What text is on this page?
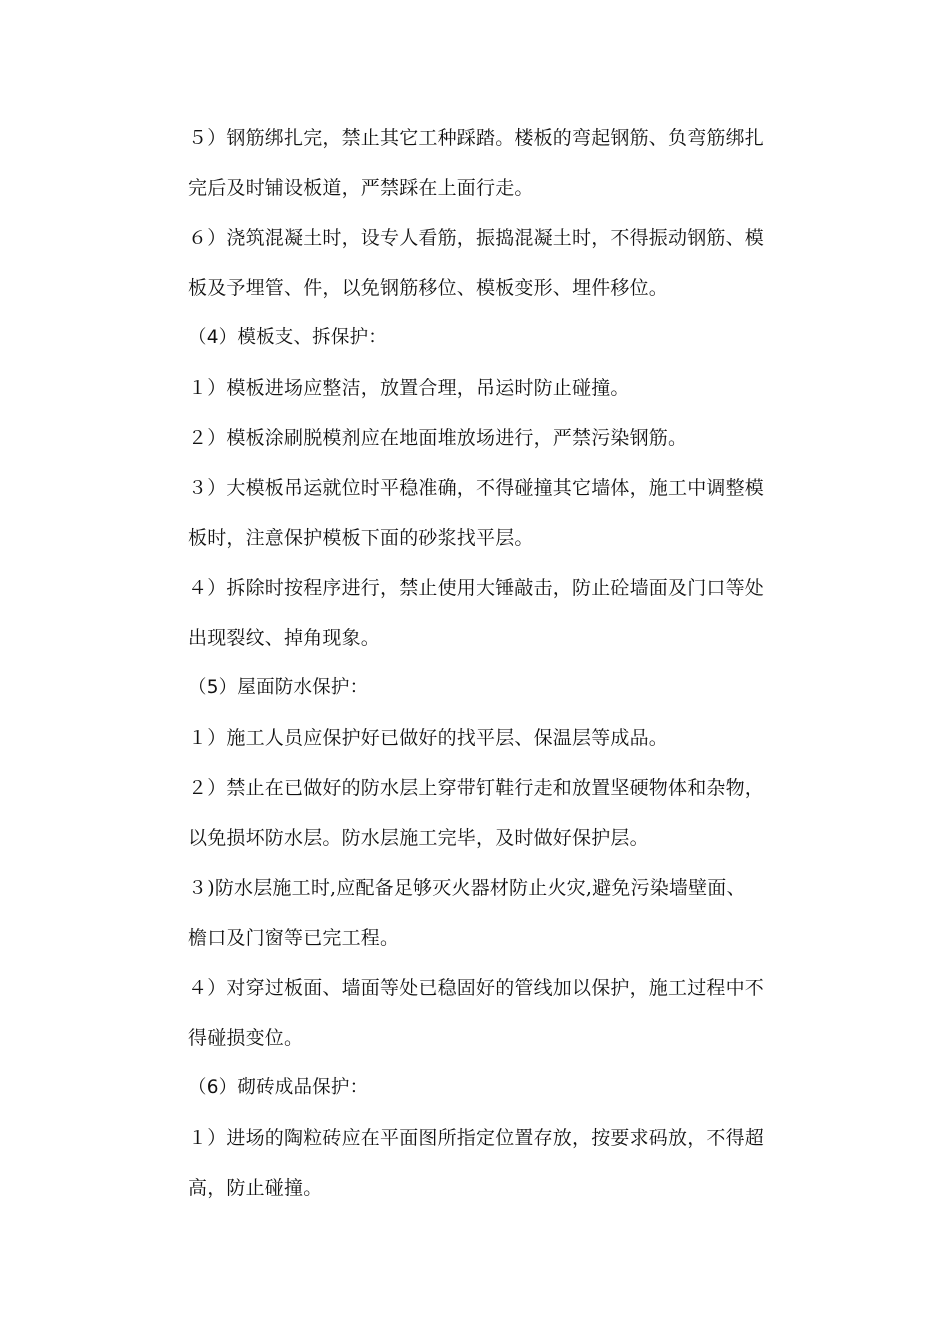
５）钢筋绑扎完，禁止其它工种踩踏。楼板的弯起钢筋、负弯筋绑扎

完后及时铺设板道，严禁踩在上面行走。

６）浇筑混凝土时，设专人看筋，振捣混凝土时，不得振动钢筋、模

板及予埋管、件，以免钢筋移位、模板变形、埋件移位。

（4）模板支、拆保护：

１）模板进场应整洁，放置合理，吊运时防止碰撞。

２）模板涂刷脱模剂应在地面堆放场进行，严禁污染钢筋。

３）大模板吊运就位时平稳准确，不得碰撞其它墙体，施工中调整模

板时，注意保护模板下面的砂浆找平层。

４）拆除时按程序进行，禁止使用大锤敲击，防止砼墙面及门口等处

出现裂纹、掉角现象。

（5）屋面防水保护：

１）施工人员应保护好已做好的找平层、保温层等成品。

２）禁止在已做好的防水层上穿带钉鞋行走和放置坚硬物体和杂物，

以免损坏防水层。防水层施工完毕，及时做好保护层。

３)防水层施工时,应配备足够灭火器材防止火灾,避免污染墙壁面、

檐口及门窗等已完工程。

４）对穿过板面、墙面等处已稳固好的管线加以保护，施工过程中不

得碰损变位。

（6）砌砖成品保护：

１）进场的陶粒砖应在平面图所指定位置存放，按要求码放，不得超

高，防止碰撞。
